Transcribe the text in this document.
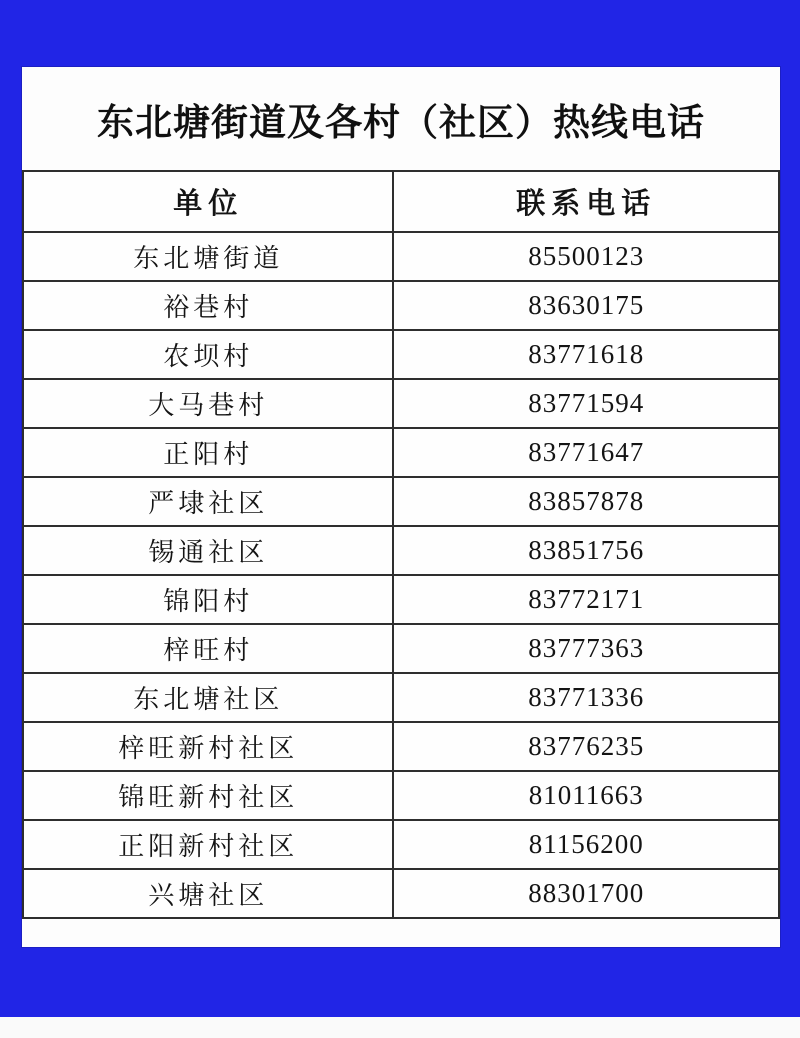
东北塘街道及各村（社区）热线电话
单位	联系电话
东北塘街道	85500123
裕巷村	83630175
农坝村	83771618
大马巷村	83771594
正阳村	83771647
严埭社区	83857878
锡通社区	83851756
锦阳村	83772171
梓旺村	83777363
东北塘社区	83771336
梓旺新村社区	83776235
锦旺新村社区	81011663
正阳新村社区	81156200
兴塘社区	88301700
